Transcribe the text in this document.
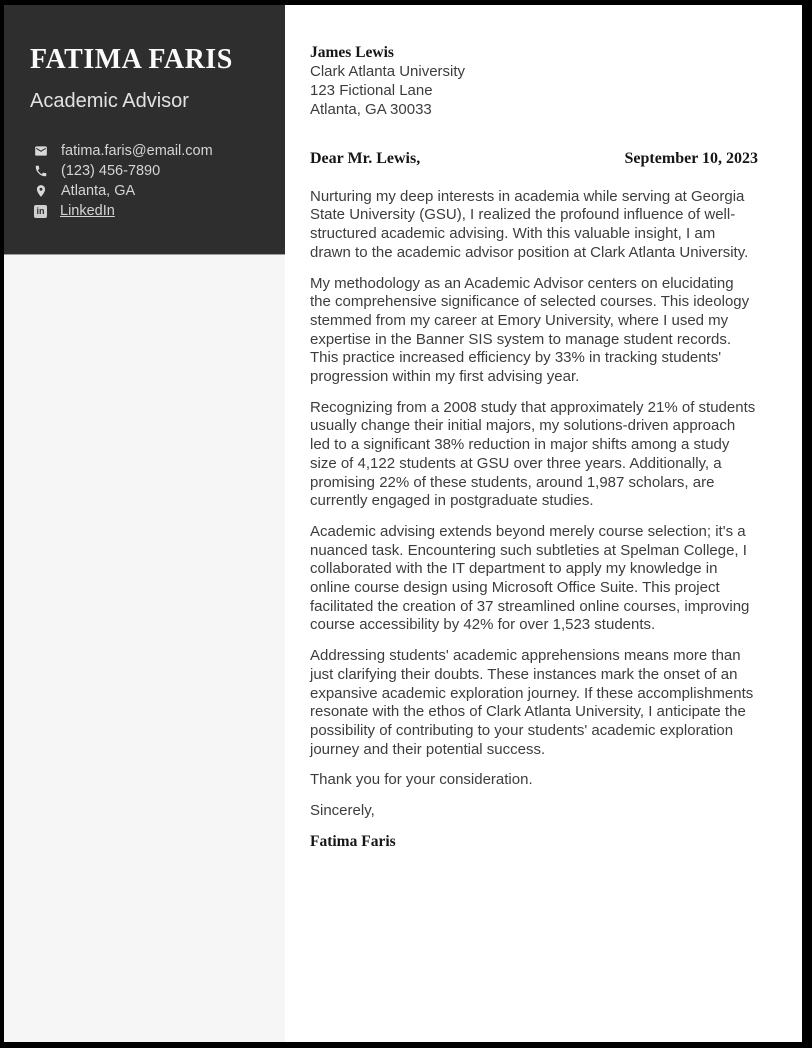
FATIMA FARIS
Academic Advisor
fatima.faris@email.com
(123) 456-7890
Atlanta, GA
in LinkedIn
James Lewis
Clark Atlanta University
123 Fictional Lane
Atlanta, GA 30033
Dear Mr. Lewis,	September 10, 2023

Nurturing my deep interests in academia while serving at Georgia State University (GSU), I realized the profound influence of well-structured academic advising. With this valuable insight, I am drawn to the academic advisor position at Clark Atlanta University.

My methodology as an Academic Advisor centers on elucidating the comprehensive significance of selected courses. This ideology stemmed from my career at Emory University, where I used my expertise in the Banner SIS system to manage student records. This practice increased efficiency by 33% in tracking students' progression within my first advising year.

Recognizing from a 2008 study that approximately 21% of students usually change their initial majors, my solutions-driven approach led to a significant 38% reduction in major shifts among a study size of 4,122 students at GSU over three years. Additionally, a promising 22% of these students, around 1,987 scholars, are currently engaged in postgraduate studies.

Academic advising extends beyond merely course selection; it's a nuanced task. Encountering such subtleties at Spelman College, I collaborated with the IT department to apply my knowledge in online course design using Microsoft Office Suite. This project facilitated the creation of 37 streamlined online courses, improving course accessibility by 42% for over 1,523 students.

Addressing students' academic apprehensions means more than just clarifying their doubts. These instances mark the onset of an expansive academic exploration journey. If these accomplishments resonate with the ethos of Clark Atlanta University, I anticipate the possibility of contributing to your students' academic exploration journey and their potential success.

Thank you for your consideration.

Sincerely,

Fatima Faris
